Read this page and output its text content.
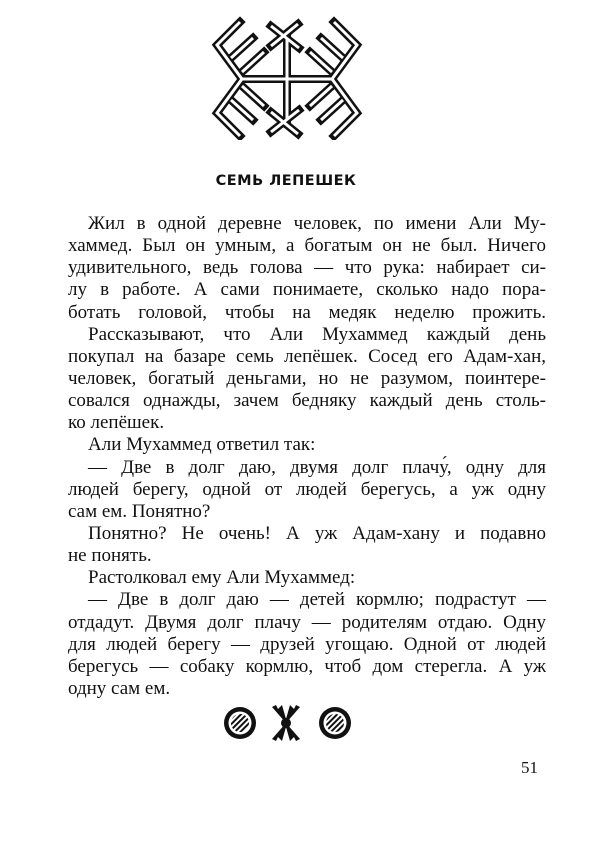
СЕМЬ ЛЕПЕШЕК
Жил в одной деревне человек, по имени Али Му-
хаммед. Был он умным, а богатым он не был. Ничего
удивительного, ведь голова — что рука: набирает си-
лу в работе. А сами понимаете, сколько надо пора-
ботать головой, чтобы на медяк неделю прожить.
Рассказывают, что Али Мухаммед каждый день
покупал на базаре семь лепёшек. Сосед его Адам-хан,
человек, богатый деньгами, но не разумом, поинтере-
совался однажды, зачем бедняку каждый день столь-
ко лепёшек.
Али Мухаммед ответил так:
— Две в долг даю, двумя долг плачу́, одну для
людей берегу, одной от людей берегусь, а уж одну
сам ем. Понятно?
Понятно? Не очень! А уж Адам-хану и подавно
не понять.
Растолковал ему Али Мухаммед:
— Две в долг даю — детей кормлю; подрастут —
отдадут. Двумя долг плачу — родителям отдаю. Одну
для людей берегу — друзей угощаю. Одной от людей
берегусь — собаку кормлю, чтоб дом стерегла. А уж
одну сам ем.
51
